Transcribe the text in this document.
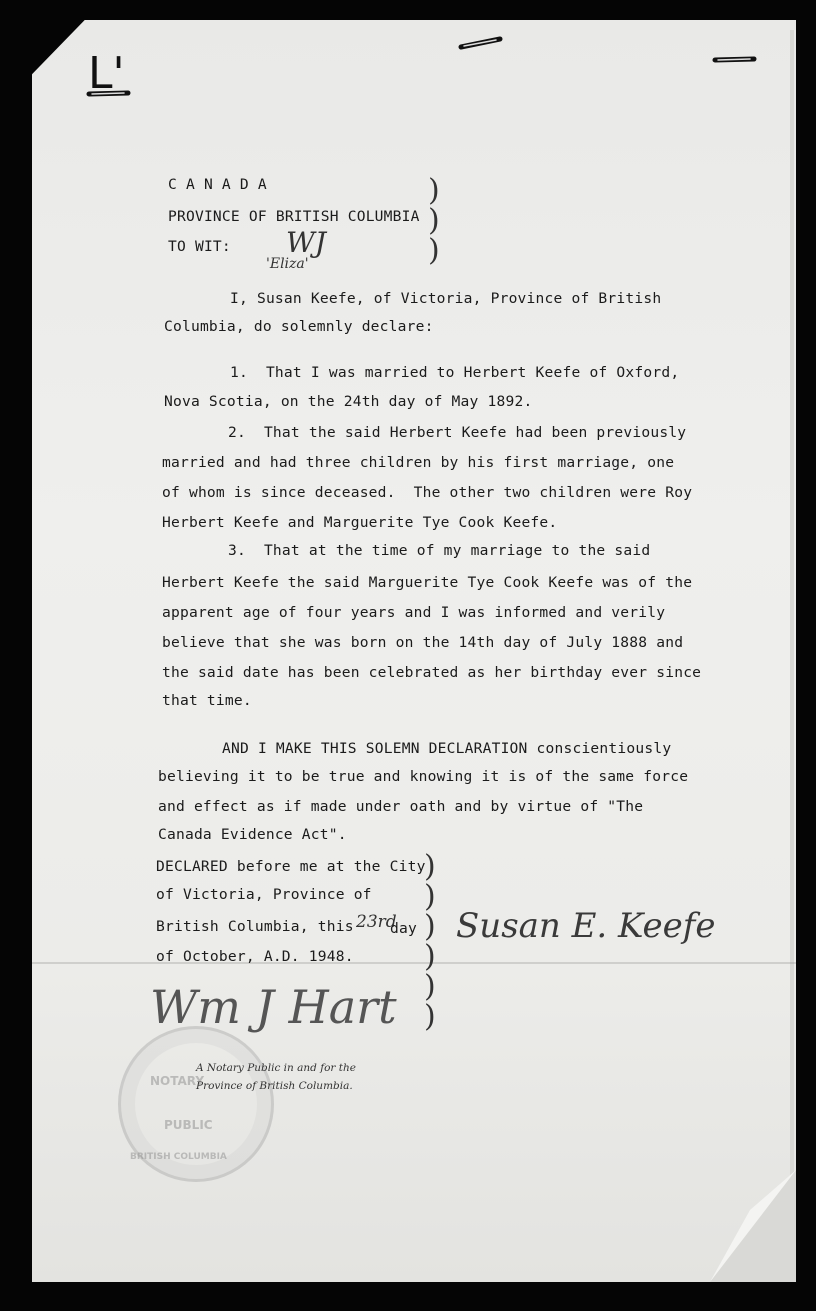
L'

C A N A D A

PROVINCE OF BRITISH COLUMBIA

TO WIT: WJ

)
)
)

'Eliza'

I, Susan Keefe, of Victoria, Province of British

Columbia, do solemnly declare:

1.  That I was married to Herbert Keefe of Oxford,

Nova Scotia, on the 24th day of May 1892.

2.  That the said Herbert Keefe had been previously

married and had three children by his first marriage, one

of whom is since deceased.  The other two children were Roy

Herbert Keefe and Marguerite Tye Cook Keefe.

3.  That at the time of my marriage to the said

Herbert Keefe the said Marguerite Tye Cook Keefe was of the

apparent age of four years and I was informed and verily

believe that she was born on the 14th day of July 1888 and

the said date has been celebrated as her birthday ever since

that time.

AND I MAKE THIS SOLEMN DECLARATION conscientiously

believing it to be true and knowing it is of the same force

and effect as if made under oath and by virtue of "The

Canada Evidence Act".

DECLARED before me at the City

of Victoria, Province of

British Columbia, this 23rd

day

of October, A.D. 1948.

)
)
)
)
)
)

Susan E. Keefe

NOTARY

PUBLIC

BRITISH COLUMBIA

Wm J Hart

A Notary Public in and for the

Province of British Columbia.
